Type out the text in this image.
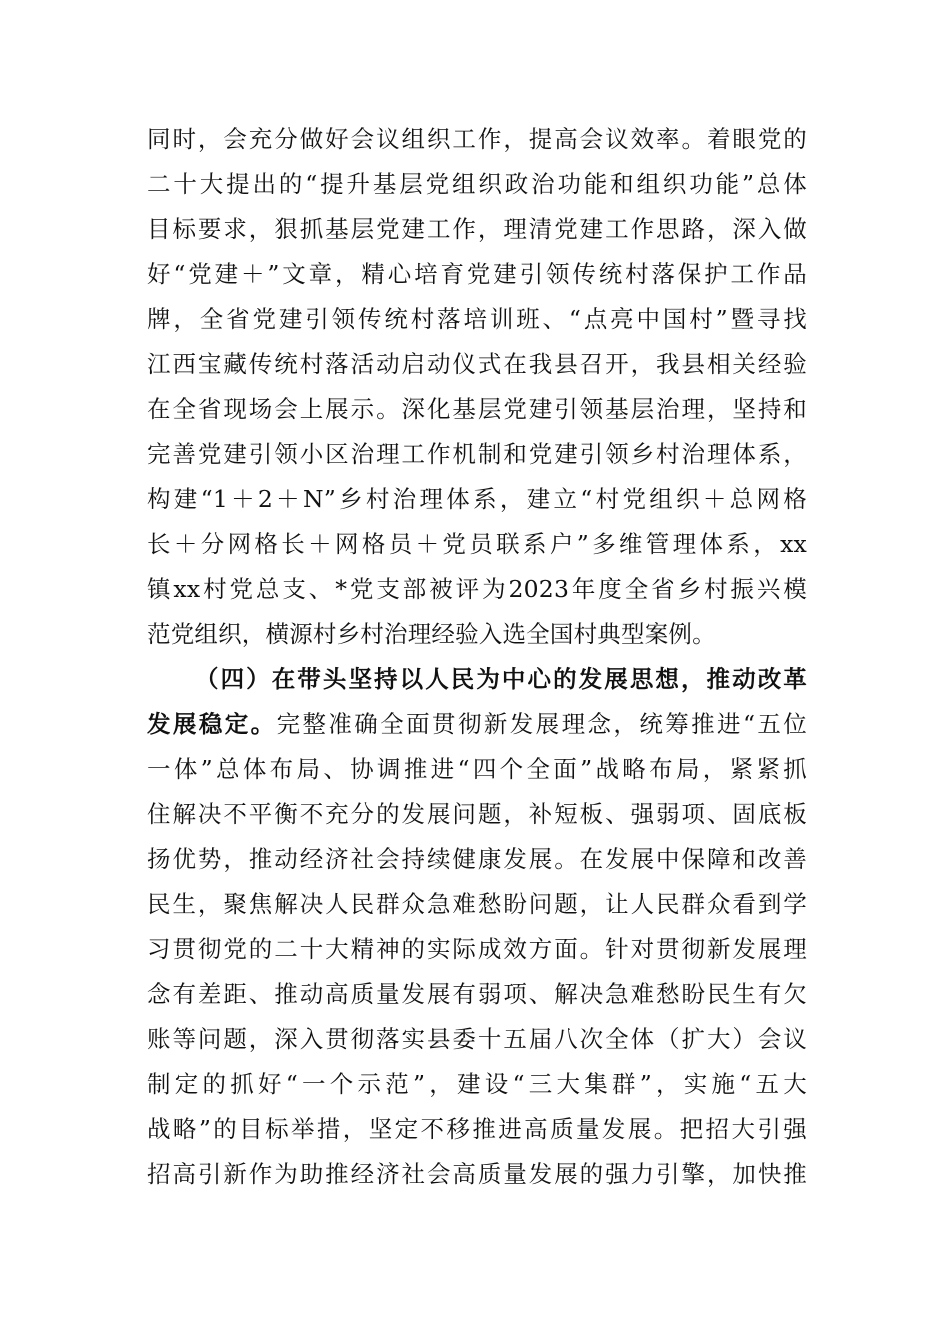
同时，会充分做好会议组织工作，提高会议效率。着眼党的
二十大提出的“提升基层党组织政治功能和组织功能”总体
目标要求，狠抓基层党建工作，理清党建工作思路，深入做
好“党建＋”文章，精心培育党建引领传统村落保护工作品
牌，全省党建引领传统村落培训班、“点亮中国村”暨寻找
江西宝藏传统村落活动启动仪式在我县召开，我县相关经验
在全省现场会上展示。深化基层党建引领基层治理，坚持和
完善党建引领小区治理工作机制和党建引领乡村治理体系，
构建“1＋2＋N”乡村治理体系，建立“村党组织＋总网格
长＋分网格长＋网格员＋党员联系户”多维管理体系，xx
镇xx村党总支、*党支部被评为2023年度全省乡村振兴模
范党组织，横源村乡村治理经验入选全国村典型案例。
（四）在带头坚持以人民为中心的发展思想，推动改革
发展稳定。完整准确全面贯彻新发展理念，统筹推进“五位
一体”总体布局、协调推进“四个全面”战略布局，紧紧抓
住解决不平衡不充分的发展问题，补短板、强弱项、固底板
扬优势，推动经济社会持续健康发展。在发展中保障和改善
民生，聚焦解决人民群众急难愁盼问题，让人民群众看到学
习贯彻党的二十大精神的实际成效方面。针对贯彻新发展理
念有差距、推动高质量发展有弱项、解决急难愁盼民生有欠
账等问题，深入贯彻落实县委十五届八次全体（扩大）会议
制定的抓好“一个示范”，建设“三大集群”，实施“五大
战略”的目标举措，坚定不移推进高质量发展。把招大引强
招高引新作为助推经济社会高质量发展的强力引擎，加快推
